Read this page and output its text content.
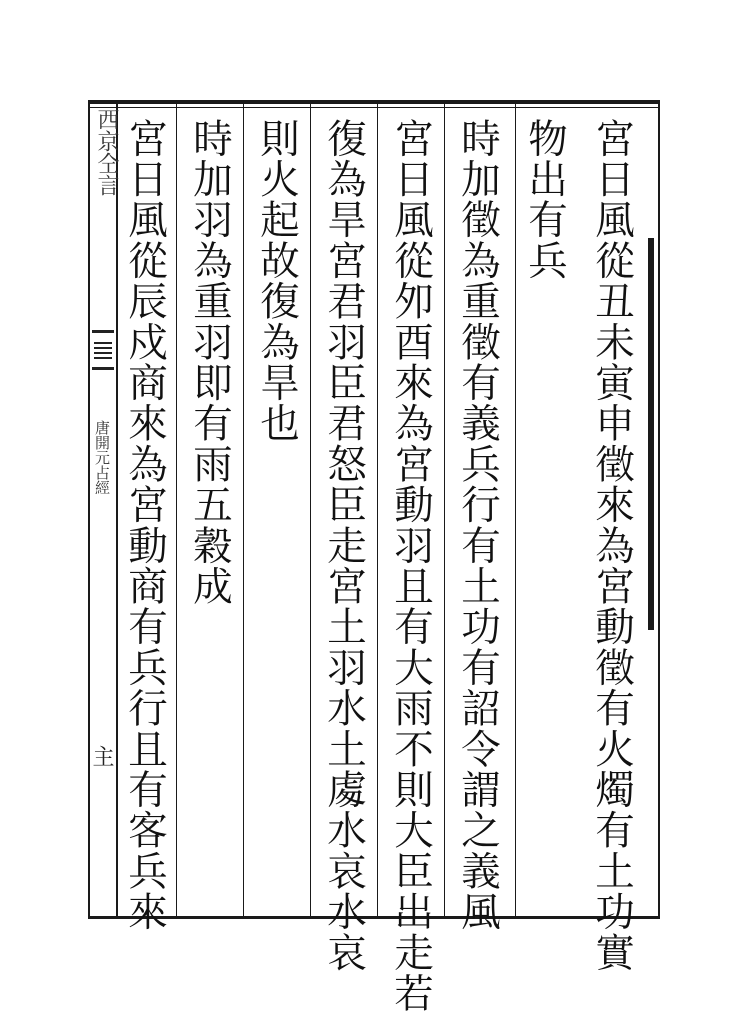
西京仝言
唐開元占經
主	宮日風從丑未寅申徵來為宮動徵有火燭有土功實
物出有兵
時加徵為重徵有義兵行有土功有詔令謂之義風
宮日風從夘酉來為宮動羽且有大雨不則大臣出走若
復為旱宮君羽臣君怒臣走宮土羽水土䖏水哀水哀
則火起故復為旱也
時加羽為重羽即有雨五穀成
宮日風從辰戍商來為宮動商有兵行且有客兵來
